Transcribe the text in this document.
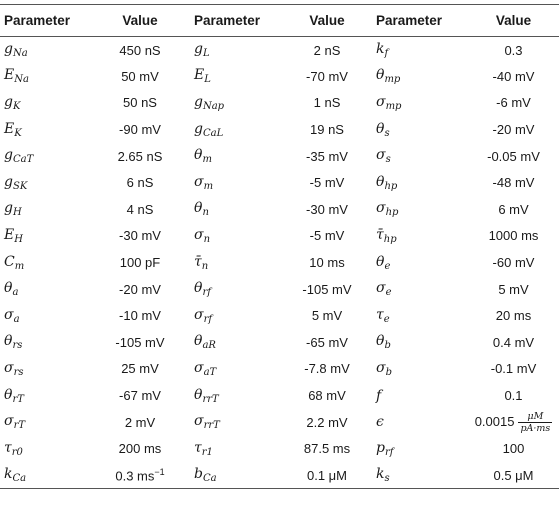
Parameter	Value	Parameter	Value	Parameter	Value
$g_{Na}$	450 nS	$g_L$	2 nS	$k_f$	0.3
$E_{Na}$	50 mV	$E_L$	-70 mV	$\theta_{mp}$	-40 mV
$g_K$	50 nS	$g_{Nap}$	1 nS	$\sigma_{mp}$	-6 mV
$E_K$	-90 mV	$g_{CaL}$	19 nS	$\theta_s$	-20 mV
$g_{CaT}$	2.65 nS	$\theta_m$	-35 mV	$\sigma_s$	-0.05 mV
$g_{SK}$	6 nS	$\sigma_m$	-5 mV	$\theta_{hp}$	-48 mV
$g_H$	4 nS	$\theta_n$	-30 mV	$\sigma_{hp}$	6 mV
$E_H$	-30 mV	$\sigma_n$	-5 mV	$\taū_{hp}$	1000 ms
$C_m$	100 pF	$\taū_n$	10 ms	$\theta_e$	-60 mV
$\theta_a$	-20 mV	$\theta_{rf}$	-105 mV	$\sigma_e$	5 mV
$\sigma_a$	-10 mV	$\sigma_{rf}$	5 mV	$\tau_e$	20 ms
$\theta_{rs}$	-105 mV	$\theta_{aR}$	-65 mV	$\theta_b$	0.4 mV
$\sigma_{rs}$	25 mV	$\sigma_{aT}$	-7.8 mV	$\sigma_b$	-0.1 mV
$\theta_{rT}$	-67 mV	$\theta_{rrT}$	68 mV	f	0.1
$\sigma_{rT}$	2 mV	$\sigma_{rrT}$	2.2 mV	ϵ	$0.0015 \frac{\mu M}{pA\cdot ms}$

$\tau_{r0}$	200 ms	$\tau_{r1}$	87.5 ms	$p_{rf}$	100
$k_{Ca}$	0.3 $ms^{-1}$	$b_{Ca}$	0.1 μM	$k_s$	0.5 μM
